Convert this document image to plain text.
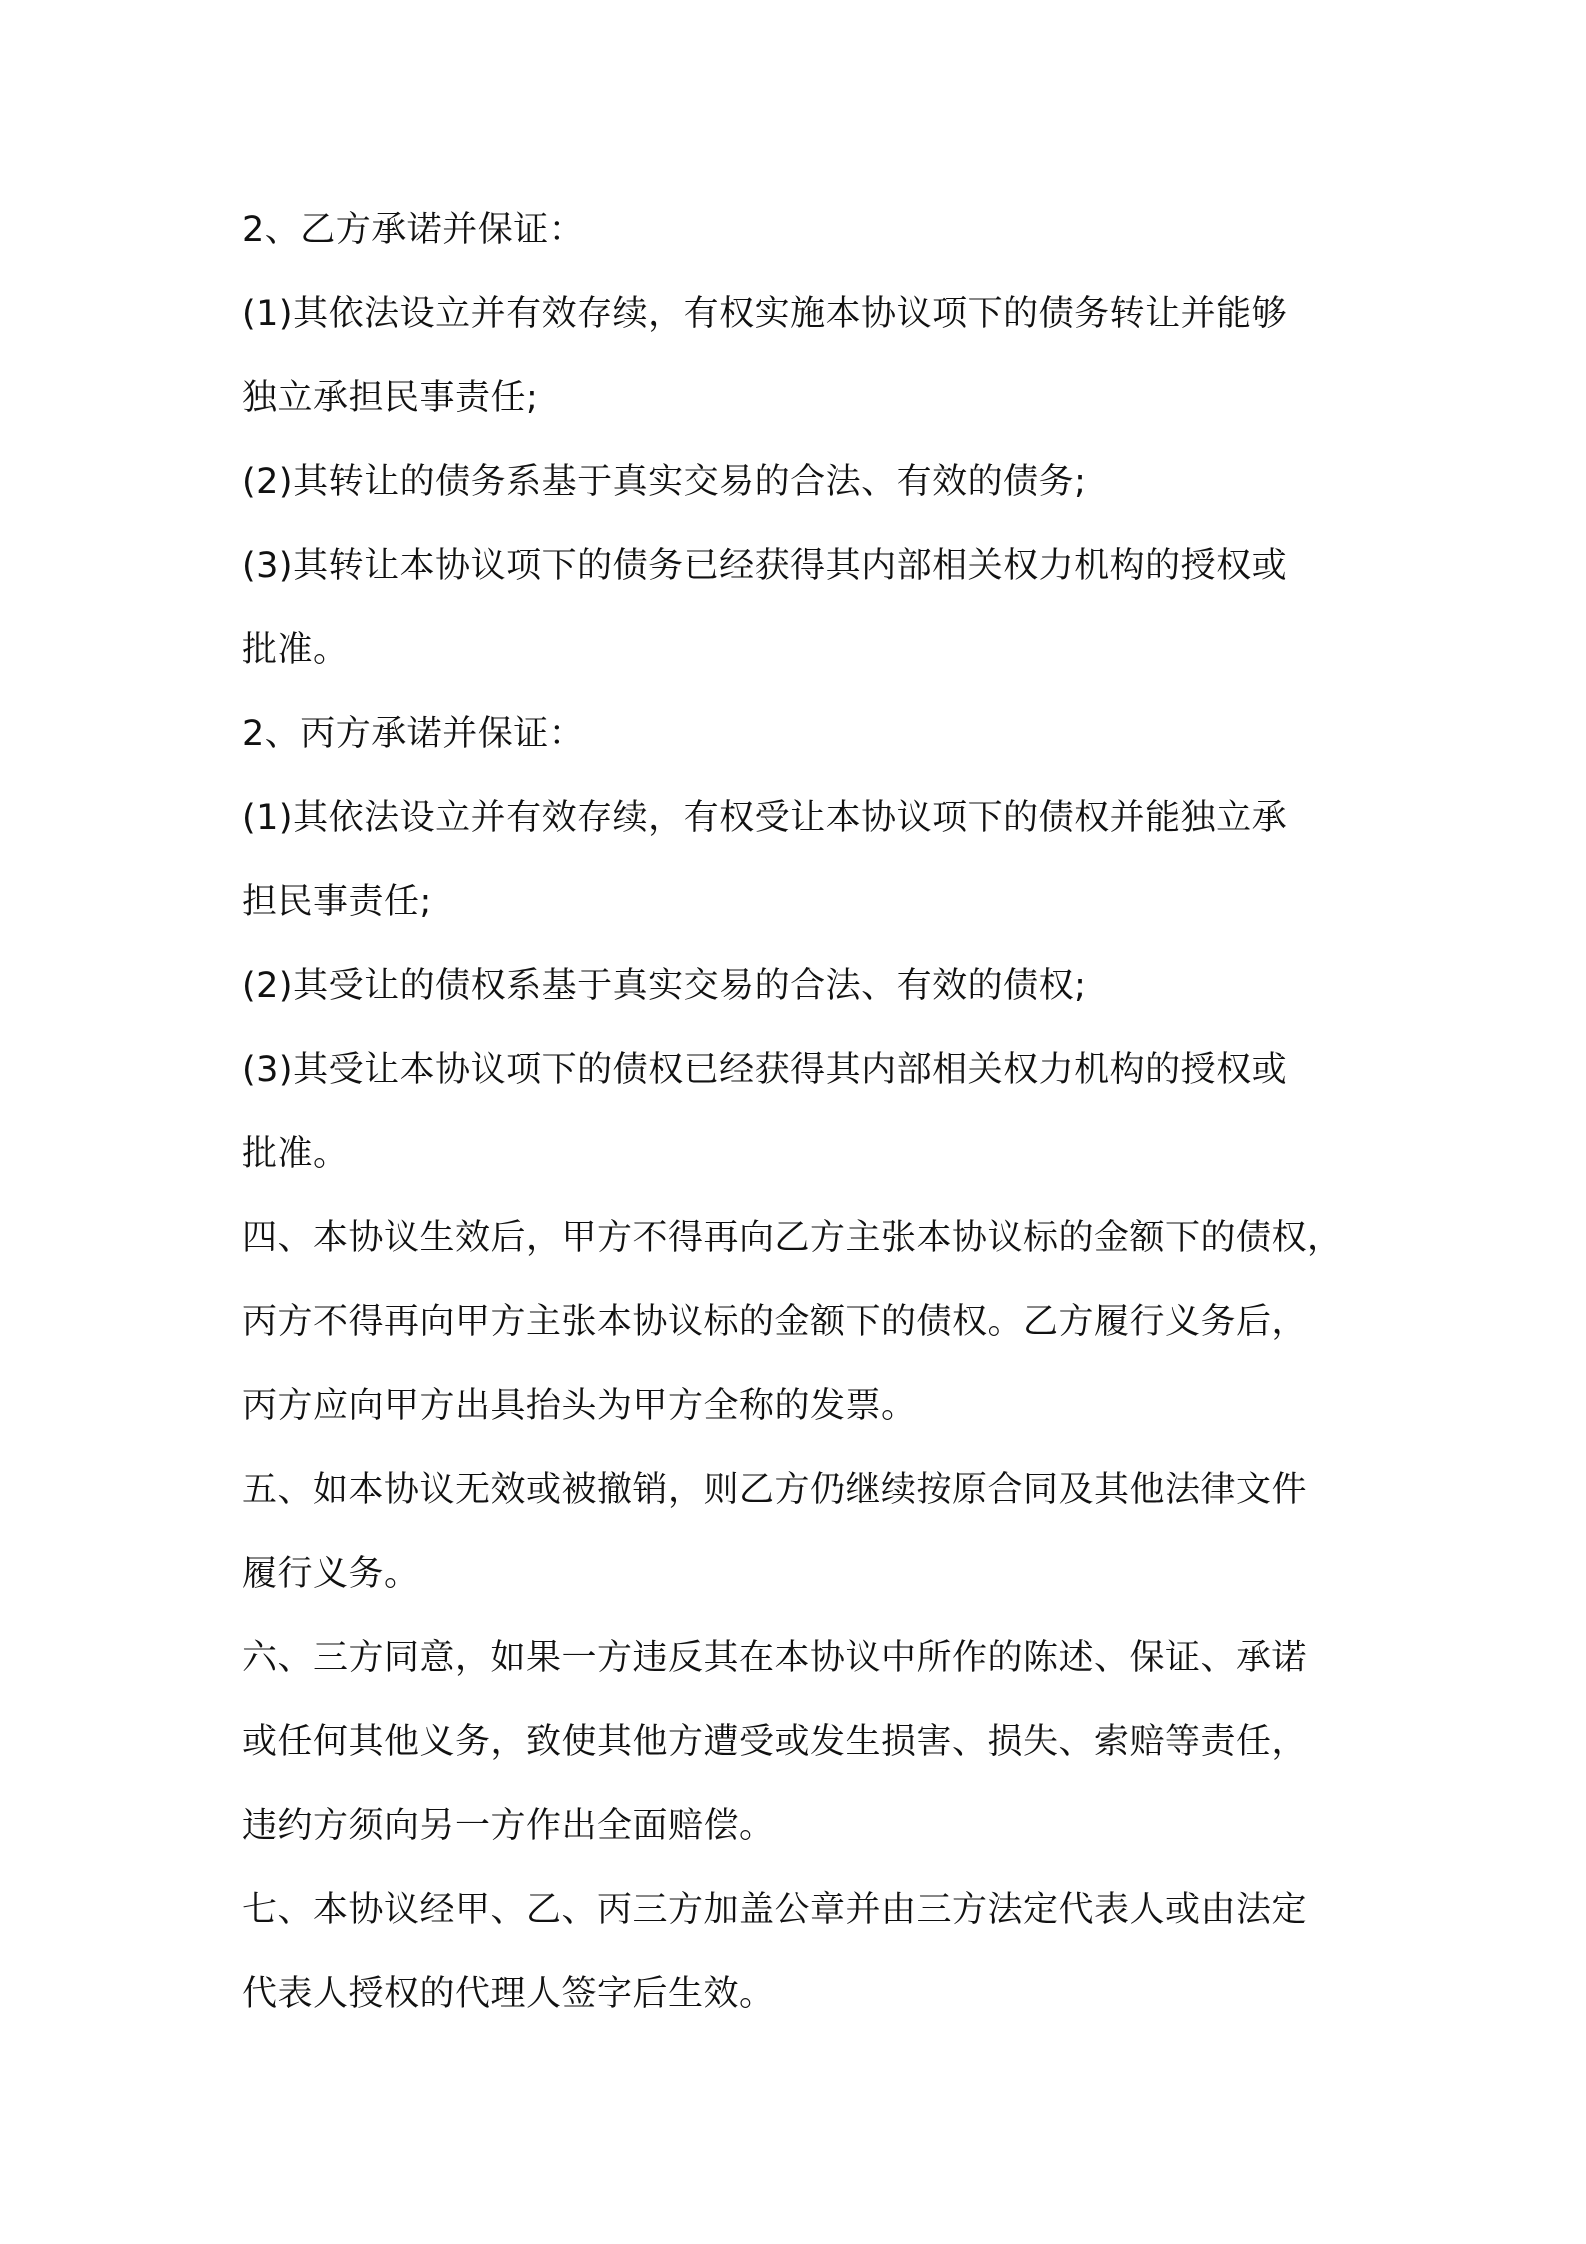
2、乙方承诺并保证：
(1)其依法设立并有效存续，有权实施本协议项下的债务转让并能够
独立承担民事责任;
(2)其转让的债务系基于真实交易的合法、有效的债务;
(3)其转让本协议项下的债务已经获得其内部相关权力机构的授权或
批准。
2、丙方承诺并保证：
(1)其依法设立并有效存续，有权受让本协议项下的债权并能独立承
担民事责任;
(2)其受让的债权系基于真实交易的合法、有效的债权;
(3)其受让本协议项下的债权已经获得其内部相关权力机构的授权或
批准。
四、本协议生效后，甲方不得再向乙方主张本协议标的金额下的债权，
丙方不得再向甲方主张本协议标的金额下的债权。乙方履行义务后，
丙方应向甲方出具抬头为甲方全称的发票。
五、如本协议无效或被撤销，则乙方仍继续按原合同及其他法律文件
履行义务。
六、三方同意，如果一方违反其在本协议中所作的陈述、保证、承诺
或任何其他义务，致使其他方遭受或发生损害、损失、索赔等责任，
违约方须向另一方作出全面赔偿。
七、本协议经甲、乙、丙三方加盖公章并由三方法定代表人或由法定
代表人授权的代理人签字后生效。
